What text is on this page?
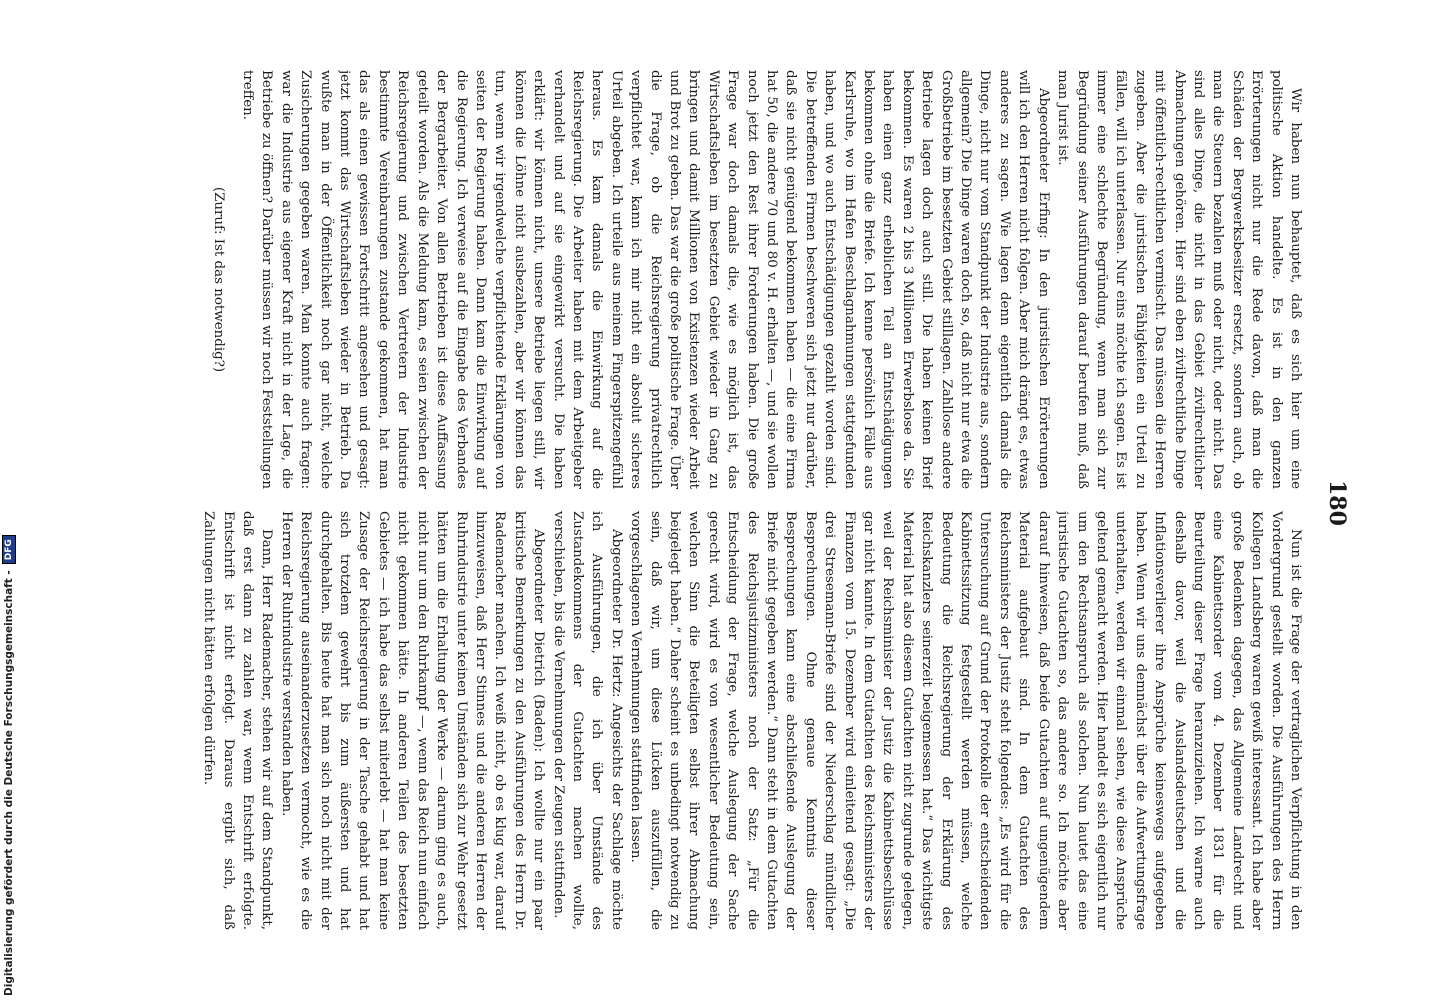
180

Wir haben nun behauptet, daß es sich hier um eine politische Aktion handelte. Es ist in den ganzen Erörterungen nicht nur die Rede davon, daß man die Schäden der Bergwerksbesitzer ersetzt, sondern auch, ob man die Steuern bezahlen muß oder nicht, oder nicht. Das sind alles Dinge, die nicht in das Gebiet zivilrechtlicher Abmachungen gehören. Hier sind eben zivilrechtliche Dinge mit öffentlich-rechtlichen vermischt. Das müssen die Herren zugeben. Aber die juristischen Fähigkeiten ein Urteil zu fällen, will ich unterlassen. Nur eins möchte ich sagen. Es ist immer eine schlechte Begründung, wenn man sich zur Begründung seiner Ausführungen darauf berufen muß, daß man Jurist ist.

Abgeordneter Erfing: In den juristischen Erörterungen will ich den Herren nicht folgen. Aber mich drängt es, etwas anderes zu sagen. Wie lagen denn eigentlich damals die Dinge, nicht nur vom Standpunkt der Industrie aus, sondern allgemein? Die Dinge waren doch so, daß nicht nur etwa die Großbetriebe im besetzten Gebiet stilllagen. Zahllose andere Betriebe lagen doch auch still. Die haben keinen Brief bekommen. Es waren 2 bis 3 Millionen Erwerbslose da. Sie haben einen ganz erheblichen Teil an Entschädigungen bekommen ohne die Briefe. Ich kenne persönlich Fälle aus Karlsruhe, wo im Hafen Beschlagnahmungen stattgefunden haben, und wo auch Entschädigungen gezahlt worden sind. Die betreffenden Firmen beschweren sich jetzt nur darüber, daß sie nicht genügend bekommen haben — die eine Firma hat 50, die andere 70 und 80 v. H. erhalten —, und sie wollen noch jetzt den Rest ihrer Forderungen haben. Die große Frage war doch damals die, wie es möglich ist, das Wirtschaftsleben im besetzten Gebiet wieder in Gang zu bringen und damit Millionen von Existenzen wieder Arbeit und Brot zu geben. Das war die große politische Frage. Über die Frage, ob die Reichsregierung privatrechtlich verpflichtet war, kann ich mir nicht ein absolut sicheres Urteil abgeben. Ich urteile aus meinem Fingerspitzengefühl heraus. Es kam damals die Einwirkung auf die Reichsregierung. Die Arbeiter haben mit dem Arbeitgeber verhandelt und auf sie eingewirkt versucht. Die haben erklärt: wir können nicht, unsere Betriebe liegen still, wir können die Löhne nicht ausbezahlen, aber wir können das tun, wenn wir irgendwelche verpflichtende Erklärungen von seiten der Regierung haben. Dann kam die Einwirkung auf die Regierung. Ich verweise auf die Eingabe des Verbandes der Bergarbeiter. Von allen Betrieben ist diese Auffassung geteilt worden. Als die Meldung kam, es seien zwischen der Reichsregierung und zwischen Vertretern der Industrie bestimmte Vereinbarungen zustande gekommen, hat man das als einen gewissen Fortschritt angesehen und gesagt: jetzt kommt das Wirtschaftsleben wieder in Betrieb. Da wußte man in der Öffentlichkeit noch gar nicht, welche Zusicherungen gegeben waren. Man konnte auch fragen: war die Industrie aus eigener Kraft nicht in der Lage, die Betriebe zu öffnen? Darüber müssen wir noch Feststellungen treffen.

(Zuruf: Ist das notwendig?)

Nun ist die Frage der vertraglichen Verpflichtung in den Vordergrund gestellt worden. Die Ausführungen des Herrn Kollegen Landsberg waren gewiß interessant. Ich habe aber große Bedenken dagegen, das Allgemeine Landrecht und eine Kabinettsorder vom 4. Dezember 1831 für die Beurteilung dieser Frage heranzuziehen. Ich warne auch deshalb davor, weil die Auslandsdeutschen und die Inflationsverlierer ihre Ansprüche keineswegs aufgegeben haben. Wenn wir uns demnächst über die Aufwertungsfrage unterhalten, werden wir einmal sehen, wie diese Ansprüche geltend gemacht werden. Hier handelt es sich eigentlich nur um den Rechtsanspruch als solchen. Nun lautet das eine juristische Gutachten so, das andere so. Ich möchte aber darauf hinweisen, daß beide Gutachten auf ungenügendem Material aufgebaut sind. In dem Gutachten des Reichsministers der Justiz steht folgendes: „Es wird für die Untersuchung auf Grund der Protokolle der entscheidenden Kabinettssitzung festgestellt werden müssen, welche Bedeutung die Reichsregierung der Erklärung des Reichskanzlers seinerzeit beigemessen hat.“ Das wichtigste Material hat also diesem Gutachten nicht zugrunde gelegen, weil der Reichsminister der Justiz die Kabinettsbeschlüsse gar nicht kannte. In dem Gutachten des Reichsministers der Finanzen vom 15. Dezember wird einleitend gesagt: „Die drei Stresemann-Briefe sind der Niederschlag mündlicher Besprechungen. Ohne genaue Kenntnis dieser Besprechungen kann eine abschließende Auslegung der Briefe nicht gegeben werden.“ Dann steht in dem Gutachten des Reichsjustizministers noch der Satz: „Für die Entscheidung der Frage, welche Auslegung der Sache gerecht wird, wird es von wesentlicher Bedeutung sein, welchen Sinn die Beteiligten selbst ihrer Abmachung beigelegt haben.“ Daher scheint es unbedingt notwendig zu sein, daß wir, um diese Lücken auszufüllen, die vorgeschlagenen Vernehmungen stattfinden lassen.

Abgeordneter Dr. Hertz: Angesichts der Sachlage möchte ich Ausführungen, die ich über Umstände des Zustandekommens der Gutachten machen wollte, verschieben, bis die Vernehmungen der Zeugen stattfinden.

Abgeordneter Dietrich (Baden): Ich wollte nur ein paar kritische Bemerkungen zu den Ausführungen des Herrn Dr. Rademacher machen. Ich weiß nicht, ob es klug war, darauf hinzuweisen, daß Herr Stinnes und die anderen Herren der Ruhrindustrie unter keinen Umständen sich zur Wehr gesetzt hätten um die Erhaltung der Werke — darum ging es auch, nicht nur um den Ruhrkampf —, wenn das Reich nun einfach nicht gekommen hätte. In anderen Teilen des besetzten Gebietes — ich habe das selbst miterlebt — hat man keine Zusage der Reichsregierung in der Tasche gehabt und hat sich trotzdem gewehrt bis zum äußersten und hat durchgehalten. Bis heute hat man sich noch nicht mit der Reichsregierung auseinanderzusetzen vermocht, wie es die Herren der Ruhrindustrie verstanden haben.

Dann, Herr Rademacher, stehen wir auf dem Standpunkt, daß erst dann zu zahlen war, wenn Entschrift erfolgte. Entschrift ist nicht erfolgt. Daraus ergibt sich, daß Zahlungen nicht hätten erfolgen dürfen.

Digitalisierung gefördert durch die Deutsche Forschungsgemeinschaft -
DFG
